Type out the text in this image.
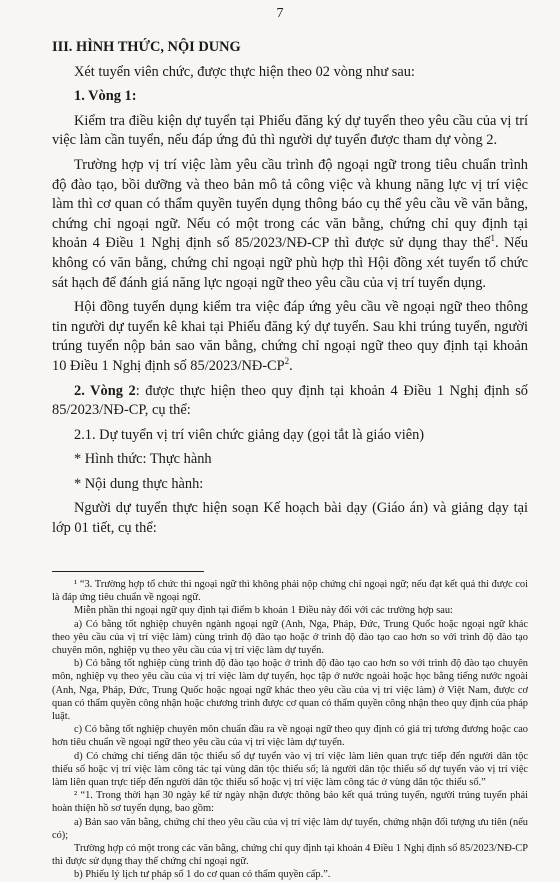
7
III. HÌNH THỨC, NỘI DUNG

Xét tuyển viên chức, được thực hiện theo 02 vòng như sau:

1. Vòng 1:

Kiểm tra điều kiện dự tuyển tại Phiếu đăng ký dự tuyển theo yêu cầu của vị trí việc làm cần tuyển, nếu đáp ứng đủ thì người dự tuyển được tham dự vòng 2.

Trường hợp vị trí việc làm yêu cầu trình độ ngoại ngữ trong tiêu chuẩn trình độ đào tạo, bồi dưỡng và theo bản mô tả công việc và khung năng lực vị trí việc làm thì cơ quan có thẩm quyền tuyển dụng thông báo cụ thể yêu cầu về văn bằng, chứng chỉ ngoại ngữ. Nếu có một trong các văn bằng, chứng chỉ quy định tại khoản 4 Điều 1 Nghị định số 85/2023/NĐ-CP thì được sử dụng thay thế$^1$. Nếu không có văn bằng, chứng chỉ ngoại ngữ phù hợp thì Hội đồng xét tuyển tổ chức sát hạch để đánh giá năng lực ngoại ngữ theo yêu cầu của vị trí tuyển dụng.

Hội đồng tuyển dụng kiểm tra việc đáp ứng yêu cầu về ngoại ngữ theo thông tin người dự tuyển kê khai tại Phiếu đăng ký dự tuyển. Sau khi trúng tuyển, người trúng tuyển nộp bản sao văn bằng, chứng chỉ ngoại ngữ theo quy định tại khoản 10 Điều 1 Nghị định số $85/2023/NĐ-CP^2$.

2. Vòng 2: được thực hiện theo quy định tại khoản 4 Điều 1 Nghị định số 85/2023/NĐ-CP, cụ thể:

2.1. Dự tuyển vị trí viên chức giảng dạy (gọi tắt là giáo viên)
* Hình thức: Thực hành
* Nội dung thực hành:

Người dự tuyển thực hiện soạn Kế hoạch bài dạy (Giáo án) và giảng dạy tại lớp 01 tiết, cụ thể:

¹ “3. Trường hợp tổ chức thi ngoại ngữ thì không phải nộp chứng chỉ ngoại ngữ; nếu đạt kết quả thi được coi là đáp ứng tiêu chuẩn về ngoại ngữ.

Miễn phần thi ngoại ngữ quy định tại điểm b khoản 1 Điều này đối với các trường hợp sau:

a) Có bằng tốt nghiệp chuyên ngành ngoại ngữ (Anh, Nga, Pháp, Đức, Trung Quốc hoặc ngoại ngữ khác theo yêu cầu của vị trí việc làm) cùng trình độ đào tạo hoặc ở trình độ đào tạo cao hơn so với trình độ đào tạo chuyên môn, nghiệp vụ theo yêu cầu của vị trí việc làm dự tuyển.

b) Có bằng tốt nghiệp cùng trình độ đào tạo hoặc ở trình độ đào tạo cao hơn so với trình độ đào tạo chuyên môn, nghiệp vụ theo yêu cầu của vị trí việc làm dự tuyển, học tập ở nước ngoài hoặc học bằng tiếng nước ngoài (Anh, Nga, Pháp, Đức, Trung Quốc hoặc ngoại ngữ khác theo yêu cầu của vị trí việc làm) ở Việt Nam, được cơ quan có thẩm quyền công nhận hoặc chương trình được cơ quan có thẩm quyền công nhận theo quy định của pháp luật.

c) Có bằng tốt nghiệp chuyên môn chuẩn đầu ra về ngoại ngữ theo quy định có giá trị tương đương hoặc cao hơn tiêu chuẩn về ngoại ngữ theo yêu cầu của vị trí việc làm dự tuyển.

d) Có chứng chỉ tiếng dân tộc thiểu số dự tuyển vào vị trí việc làm liên quan trực tiếp đến người dân tộc thiểu số hoặc vị trí việc làm công tác tại vùng dân tộc thiểu số; là người dân tộc thiểu số dự tuyển vào vị trí việc làm liên quan trực tiếp đến người dân tộc thiểu số hoặc vị trí việc làm công tác ở vùng dân tộc thiểu số.”

² “1. Trong thời hạn 30 ngày kể từ ngày nhận được thông báo kết quả trúng tuyển, người trúng tuyển phải hoàn thiện hồ sơ tuyển dụng, bao gồm:

a) Bản sao văn bằng, chứng chỉ theo yêu cầu của vị trí việc làm dự tuyển, chứng nhận đối tượng ưu tiên (nếu có);

Trường hợp có một trong các văn bằng, chứng chỉ quy định tại khoản 4 Điều 1 Nghị định số 85/2023/NĐ-CP thì được sử dụng thay thế chứng chỉ ngoại ngữ.

b) Phiếu lý lịch tư pháp số 1 do cơ quan có thẩm quyền cấp.”.
